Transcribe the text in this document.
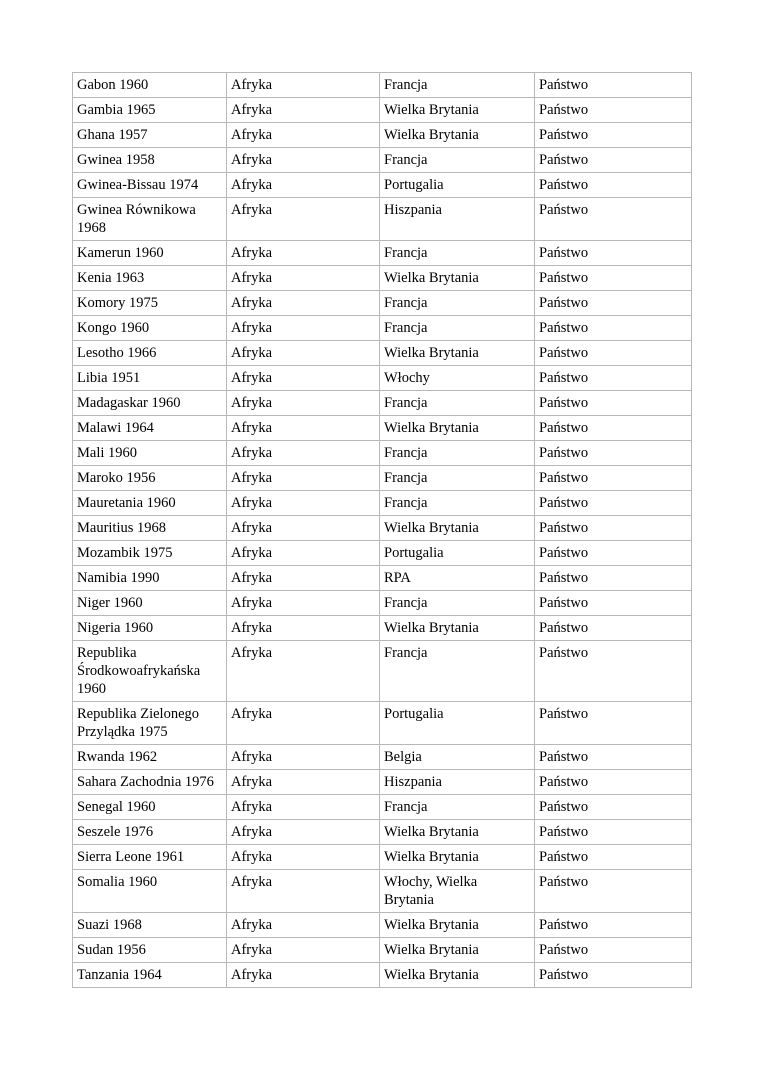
Gabon 1960	Afryka	Francja	Państwo
Gambia 1965	Afryka	Wielka Brytania	Państwo
Ghana 1957	Afryka	Wielka Brytania	Państwo
Gwinea 1958	Afryka	Francja	Państwo
Gwinea-Bissau 1974	Afryka	Portugalia	Państwo
Gwinea Równikowa 1968	Afryka	Hiszpania	Państwo
Kamerun 1960	Afryka	Francja	Państwo
Kenia 1963	Afryka	Wielka Brytania	Państwo
Komory 1975	Afryka	Francja	Państwo
Kongo 1960	Afryka	Francja	Państwo
Lesotho 1966	Afryka	Wielka Brytania	Państwo
Libia 1951	Afryka	Włochy	Państwo
Madagaskar 1960	Afryka	Francja	Państwo
Malawi 1964	Afryka	Wielka Brytania	Państwo
Mali 1960	Afryka	Francja	Państwo
Maroko 1956	Afryka	Francja	Państwo
Mauretania 1960	Afryka	Francja	Państwo
Mauritius 1968	Afryka	Wielka Brytania	Państwo
Mozambik 1975	Afryka	Portugalia	Państwo
Namibia 1990	Afryka	RPA	Państwo
Niger 1960	Afryka	Francja	Państwo
Nigeria 1960	Afryka	Wielka Brytania	Państwo
Republika Środkowoafrykańska 1960	Afryka	Francja	Państwo
Republika Zielonego Przylądka 1975	Afryka	Portugalia	Państwo
Rwanda 1962	Afryka	Belgia	Państwo
Sahara Zachodnia 1976	Afryka	Hiszpania	Państwo
Senegal 1960	Afryka	Francja	Państwo
Seszele 1976	Afryka	Wielka Brytania	Państwo
Sierra Leone 1961	Afryka	Wielka Brytania	Państwo
Somalia 1960	Afryka	Włochy, Wielka Brytania	Państwo
Suazi 1968	Afryka	Wielka Brytania	Państwo
Sudan 1956	Afryka	Wielka Brytania	Państwo
Tanzania 1964	Afryka	Wielka Brytania	Państwo
